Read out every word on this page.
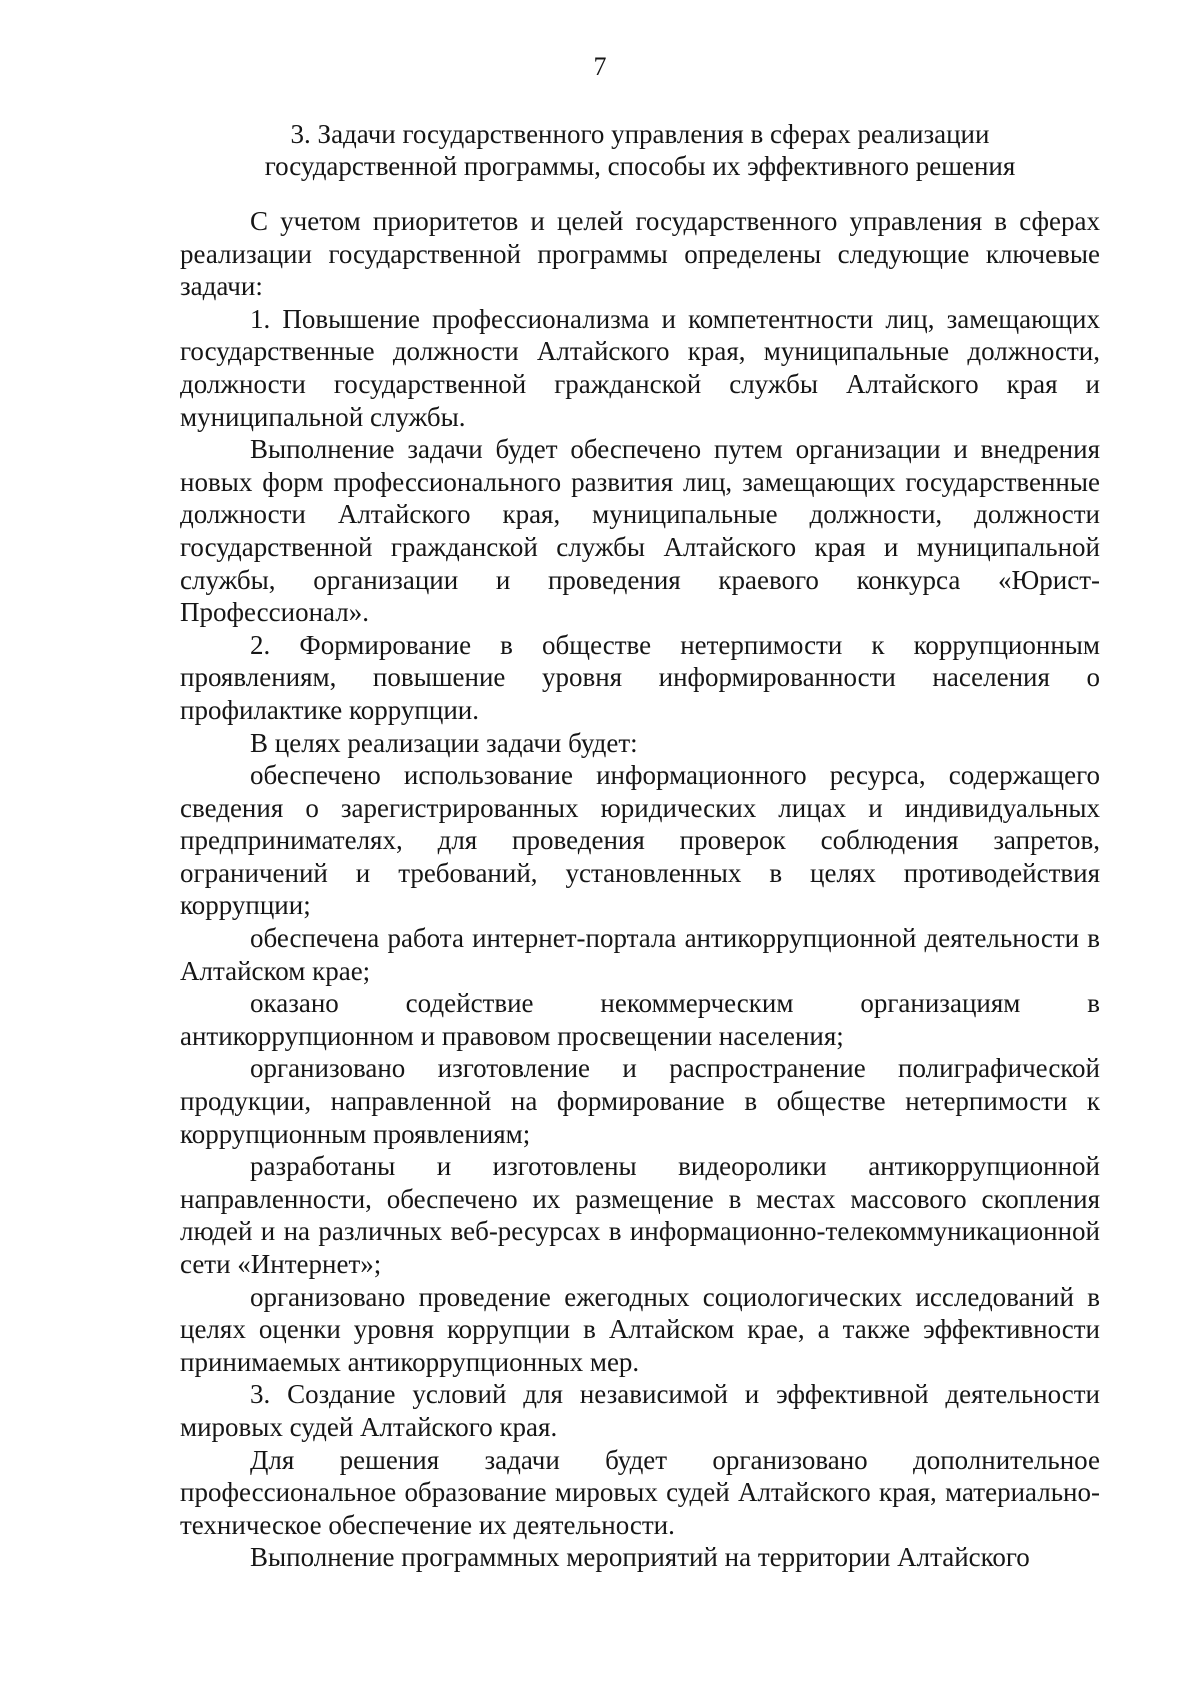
7
3. Задачи государственного управления в сферах реализации
государственной программы, способы их эффективного решения

С учетом приоритетов и целей государственного управления в сферах реализации государственной программы определены следующие ключевые задачи:

1. Повышение профессионализма и компетентности лиц, замещающих государственные должности Алтайского края, муниципальные должности, должности государственной гражданской службы Алтайского края и муниципальной службы.

Выполнение задачи будет обеспечено путем организации и внедрения новых форм профессионального развития лиц, замещающих государственные должности Алтайского края, муниципальные должности, должности государственной гражданской службы Алтайского края и муниципальной службы, организации и проведения краевого конкурса «Юрист-Профессионал».

2. Формирование в обществе нетерпимости к коррупционным проявлениям, повышение уровня информированности населения о профилактике коррупции.

В целях реализации задачи будет:

обеспечено использование информационного ресурса, содержащего сведения о зарегистрированных юридических лицах и индивидуальных предпринимателях, для проведения проверок соблюдения запретов, ограничений и требований, установленных в целях противодействия коррупции;

обеспечена работа интернет-портала антикоррупционной деятельности в Алтайском крае;

оказано содействие некоммерческим организациям в антикоррупционном и правовом просвещении населения;

организовано изготовление и распространение полиграфической продукции, направленной на формирование в обществе нетерпимости к коррупционным проявлениям;

разработаны и изготовлены видеоролики антикоррупционной направленности, обеспечено их размещение в местах массового скопления людей и на различных веб-ресурсах в информационно-телекоммуникационной сети «Интернет»;

организовано проведение ежегодных социологических исследований в целях оценки уровня коррупции в Алтайском крае, а также эффективности принимаемых антикоррупционных мер.

3. Создание условий для независимой и эффективной деятельности мировых судей Алтайского края.

Для решения задачи будет организовано дополнительное профессиональное образование мировых судей Алтайского края, материально-техническое обеспечение их деятельности.

Выполнение программных мероприятий на территории Алтайского
